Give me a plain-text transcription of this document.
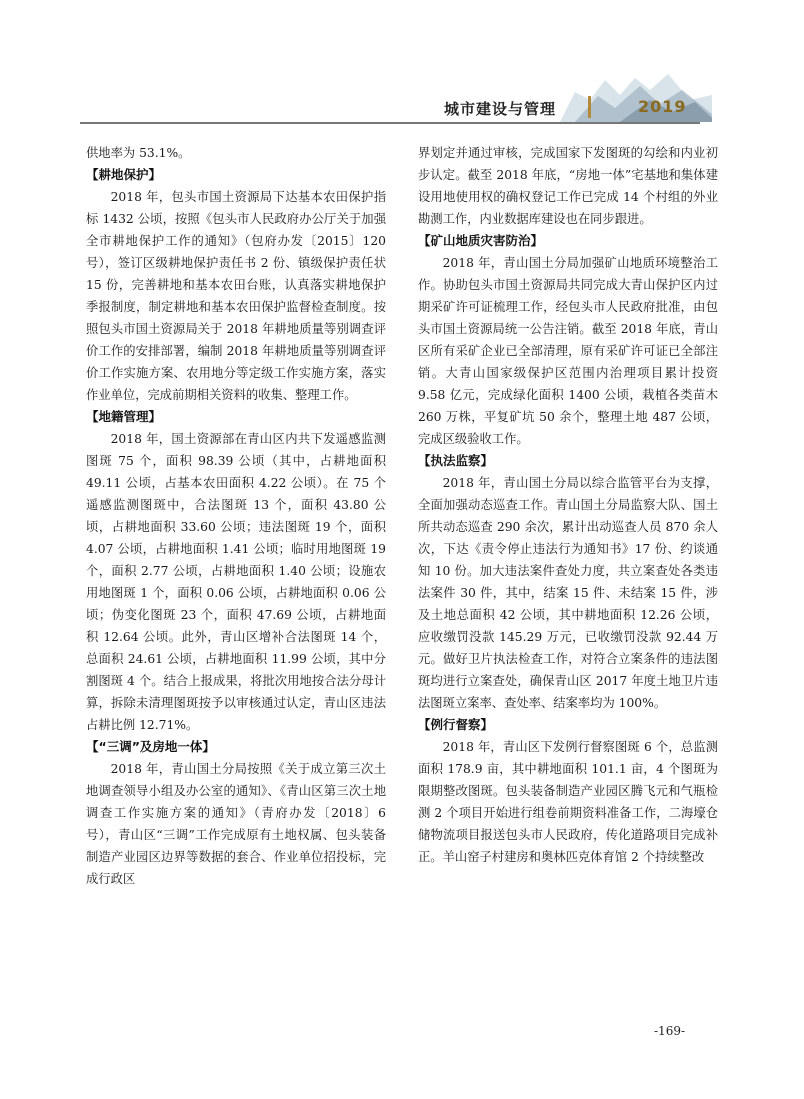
城市建设与管理	2019

供地率为 53.1%。

【耕地保护】

2018 年，包头市国土资源局下达基本农田保护指标 1432 公顷，按照《包头市人民政府办公厅关于加强全市耕地保护工作的通知》（包府办发〔2015〕120 号），签订区级耕地保护责任书 2 份、镇级保护责任状 15 份，完善耕地和基本农田台账，认真落实耕地保护季报制度，制定耕地和基本农田保护监督检查制度。按照包头市国土资源局关于 2018 年耕地质量等别调查评价工作的安排部署，编制 2018 年耕地质量等别调查评价工作实施方案、农用地分等定级工作实施方案，落实作业单位，完成前期相关资料的收集、整理工作。

【地籍管理】

2018 年，国土资源部在青山区内共下发遥感监测图斑 75 个，面积 98.39 公顷（其中，占耕地面积 49.11 公顷，占基本农田面积 4.22 公顷）。在 75 个遥感监测图斑中，合法图斑 13 个，面积 43.80 公顷，占耕地面积 33.60 公顷；违法图斑 19 个，面积 4.07 公顷，占耕地面积 1.41 公顷；临时用地图斑 19 个，面积 2.77 公顷，占耕地面积 1.40 公顷；设施农用地图斑 1 个，面积 0.06 公顷，占耕地面积 0.06 公顷；伪变化图斑 23 个，面积 47.69 公顷，占耕地面积 12.64 公顷。此外，青山区增补合法图斑 14 个，总面积 24.61 公顷，占耕地面积 11.99 公顷，其中分割图斑 4 个。结合上报成果，将批次用地按合法分母计算，拆除未清理图斑按予以审核通过认定，青山区违法占耕比例 12.71%。

【“三调”及房地一体】

2018 年，青山国土分局按照《关于成立第三次土地调查领导小组及办公室的通知》、《青山区第三次土地调查工作实施方案的通知》（青府办发〔2018〕6 号），青山区“三调”工作完成原有土地权属、包头装备制造产业园区边界等数据的套合、作业单位招投标，完成行政区

界划定并通过审核，完成国家下发图斑的勾绘和内业初步认定。截至 2018 年底，“房地一体”宅基地和集体建设用地使用权的确权登记工作已完成 14 个村组的外业勘测工作，内业数据库建设也在同步跟进。

【矿山地质灾害防治】

2018 年，青山国土分局加强矿山地质环境整治工作。协助包头市国土资源局共同完成大青山保护区内过期采矿许可证梳理工作，经包头市人民政府批准，由包头市国土资源局统一公告注销。截至 2018 年底，青山区所有采矿企业已全部清理，原有采矿许可证已全部注销。大青山国家级保护区范围内治理项目累计投资 9.58 亿元，完成绿化面积 1400 公顷，栽植各类苗木 260 万株，平复矿坑 50 余个，整理土地 487 公顷，完成区级验收工作。

【执法监察】

2018 年，青山国土分局以综合监管平台为支撑，全面加强动态巡查工作。青山国土分局监察大队、国土所共动态巡查 290 余次，累计出动巡查人员 870 余人次，下达《责令停止违法行为通知书》17 份、约谈通知 10 份。加大违法案件查处力度，共立案查处各类违法案件 30 件，其中，结案 15 件、未结案 15 件，涉及土地总面积 42 公顷，其中耕地面积 12.26 公顷，应收缴罚没款 145.29 万元，已收缴罚没款 92.44 万元。做好卫片执法检查工作，对符合立案条件的违法图斑均进行立案查处，确保青山区 2017 年度土地卫片违法图斑立案率、查处率、结案率均为 100%。

【例行督察】

2018 年，青山区下发例行督察图斑 6 个，总监测面积 178.9 亩，其中耕地面积 101.1 亩，4 个图斑为限期整改图斑。包头装备制造产业园区腾飞元和气瓶检测 2 个项目开始进行组卷前期资料准备工作，二海壕仓储物流项目报送包头市人民政府，传化道路项目完成补正。羊山窑子村建房和奥林匹克体育馆 2 个持续整改

-169-
